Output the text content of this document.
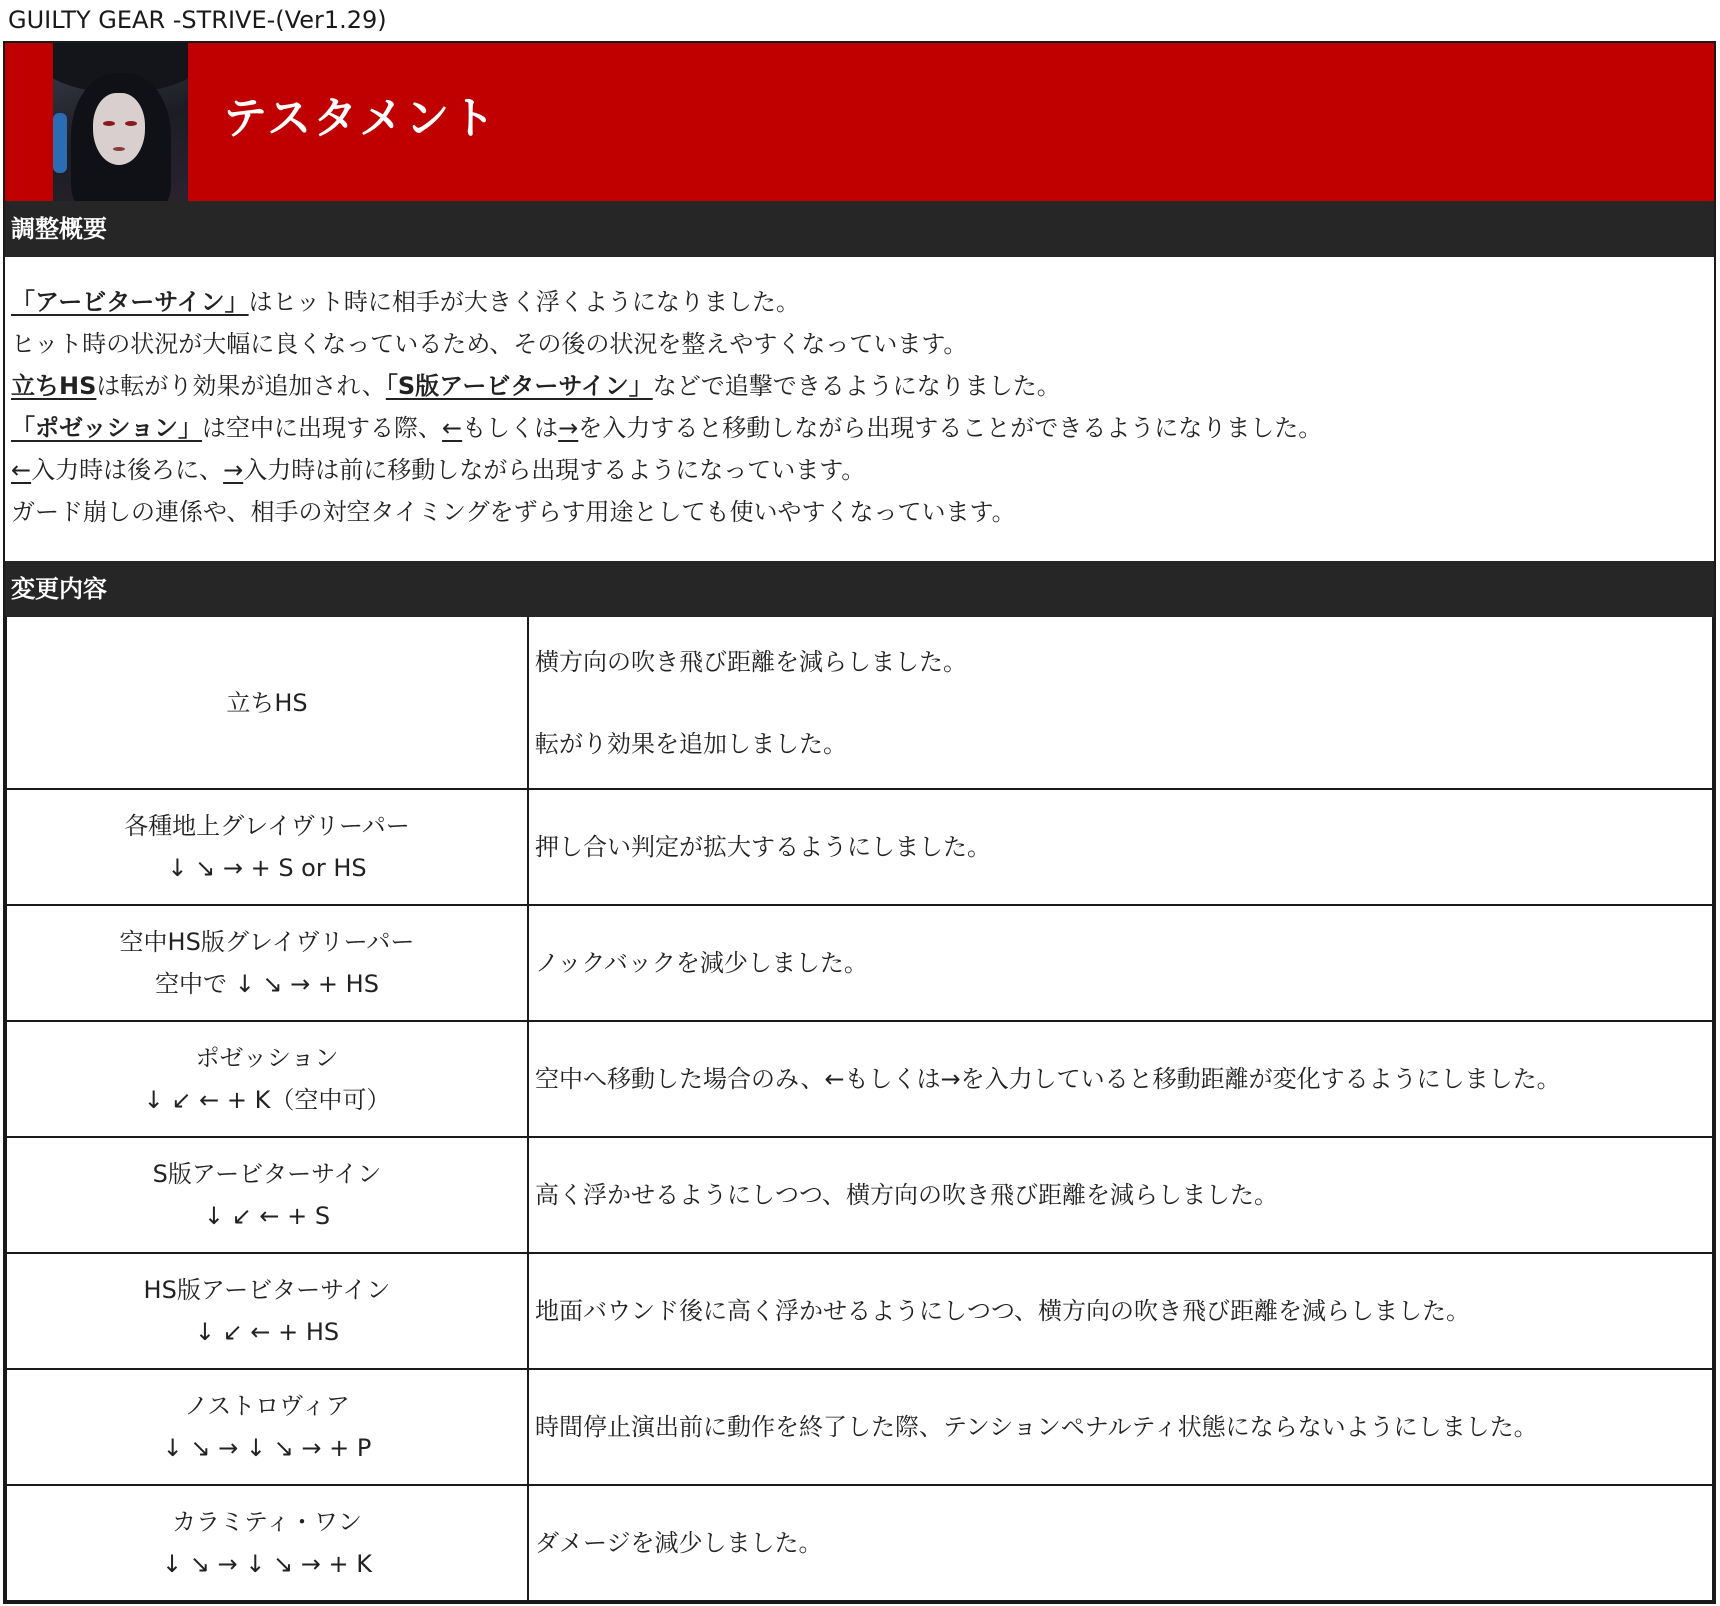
GUILTY GEAR -STRIVE-(Ver1.29)
テスタメント
調整概要

「アービターサイン」はヒット時に相手が大きく浮くようになりました。

ヒット時の状況が大幅に良くなっているため、その後の状況を整えやすくなっています。

立ちHSは転がり効果が追加され、「S版アービターサイン」などで追撃できるようになりました。

「ポゼッション」は空中に出現する際、←もしくは→を入力すると移動しながら出現することができるようになりました。

←入力時は後ろに、→入力時は前に移動しながら出現するようになっています。

ガード崩しの連係や、相手の対空タイミングをずらす用途としても使いやすくなっています。

変更内容
立ちHS	横方向の吹き飛び距離を減らしました。

転がり効果を追加しました。

各種地上グレイヴリーパー
↓ ↘ → + S or HS	押し合い判定が拡大するようにしました。

空中HS版グレイヴリーパー
空中で ↓ ↘ → + HS	ノックバックを減少しました。

ポゼッション
↓ ↙ ← + K（空中可）	空中へ移動した場合のみ、←もしくは→を入力していると移動距離が変化するようにしました。

S版アービターサイン
↓ ↙ ← + S	高く浮かせるようにしつつ、横方向の吹き飛び距離を減らしました。

HS版アービターサイン
↓ ↙ ← + HS	地面バウンド後に高く浮かせるようにしつつ、横方向の吹き飛び距離を減らしました。

ノストロヴィア
↓ ↘ → ↓ ↘ → + P	時間停止演出前に動作を終了した際、テンションペナルティ状態にならないようにしました。

カラミティ・ワン
↓ ↘ → ↓ ↘ → + K	ダメージを減少しました。
